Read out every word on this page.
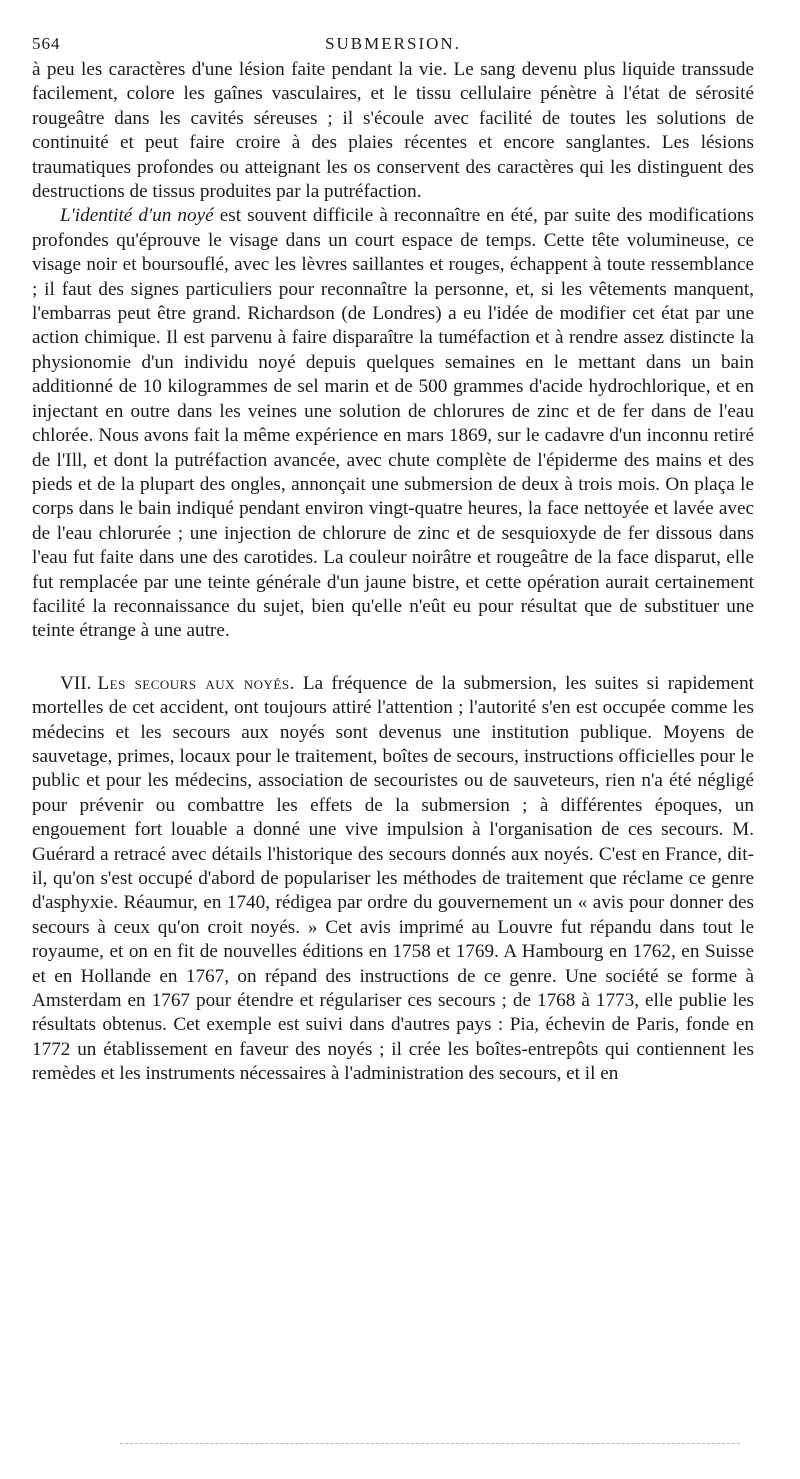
564	SUBMERSION.

à peu les caractères d'une lésion faite pendant la vie. Le sang devenu plus liquide transsude facilement, colore les gaînes vasculaires, et le tissu cellulaire pénètre à l'état de sérosité rougeâtre dans les cavités séreuses ; il s'écoule avec facilité de toutes les solutions de continuité et peut faire croire à des plaies récentes et encore sanglantes. Les lésions traumatiques profondes ou atteignant les os conservent des caractères qui les distinguent des destructions de tissus produites par la putréfaction.

L'identité d'un noyé est souvent difficile à reconnaître en été, par suite des modifications profondes qu'éprouve le visage dans un court espace de temps. Cette tête volumineuse, ce visage noir et boursouflé, avec les lèvres saillantes et rouges, échappent à toute ressemblance ; il faut des signes particuliers pour reconnaître la personne, et, si les vêtements manquent, l'embarras peut être grand. Richardson (de Londres) a eu l'idée de modifier cet état par une action chimique. Il est parvenu à faire disparaître la tuméfaction et à rendre assez distincte la physionomie d'un individu noyé depuis quelques semaines en le mettant dans un bain additionné de 10 kilogrammes de sel marin et de 500 grammes d'acide hydrochlorique, et en injectant en outre dans les veines une solution de chlorures de zinc et de fer dans de l'eau chlorée. Nous avons fait la même expérience en mars 1869, sur le cadavre d'un inconnu retiré de l'Ill, et dont la putréfaction avancée, avec chute complète de l'épiderme des mains et des pieds et de la plupart des ongles, annonçait une submersion de deux à trois mois. On plaça le corps dans le bain indiqué pendant environ vingt-quatre heures, la face nettoyée et lavée avec de l'eau chlorurée ; une injection de chlorure de zinc et de sesquioxyde de fer dissous dans l'eau fut faite dans une des carotides. La couleur noirâtre et rougeâtre de la face disparut, elle fut remplacée par une teinte générale d'un jaune bistre, et cette opération aurait certainement facilité la reconnaissance du sujet, bien qu'elle n'eût eu pour résultat que de substituer une teinte étrange à une autre.

VII. Les secours aux noyés. La fréquence de la submersion, les suites si rapidement mortelles de cet accident, ont toujours attiré l'attention ; l'autorité s'en est occupée comme les médecins et les secours aux noyés sont devenus une institution publique. Moyens de sauvetage, primes, locaux pour le traitement, boîtes de secours, instructions officielles pour le public et pour les médecins, association de secouristes ou de sauveteurs, rien n'a été négligé pour prévenir ou combattre les effets de la submersion ; à différentes époques, un engouement fort louable a donné une vive impulsion à l'organisation de ces secours. M. Guérard a retracé avec détails l'historique des secours donnés aux noyés. C'est en France, dit-il, qu'on s'est occupé d'abord de populariser les méthodes de traitement que réclame ce genre d'asphyxie. Réaumur, en 1740, rédigea par ordre du gouvernement un « avis pour donner des secours à ceux qu'on croit noyés. » Cet avis imprimé au Louvre fut répandu dans tout le royaume, et on en fit de nouvelles éditions en 1758 et 1769. A Hambourg en 1762, en Suisse et en Hollande en 1767, on répand des instructions de ce genre. Une société se forme à Amsterdam en 1767 pour étendre et régulariser ces secours ; de 1768 à 1773, elle publie les résultats obtenus. Cet exemple est suivi dans d'autres pays : Pia, échevin de Paris, fonde en 1772 un établissement en faveur des noyés ; il crée les boîtes-entrepôts qui contiennent les remèdes et les instruments nécessaires à l'administration des secours, et il en
